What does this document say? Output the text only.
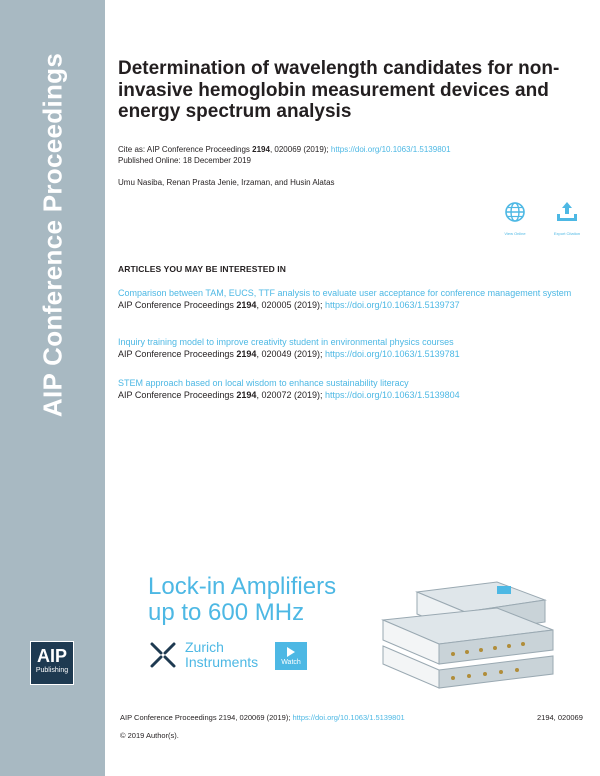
AIP Conference Proceedings
AIP
Publishing
Determination of wavelength candidates for non-invasive hemoglobin measurement devices and energy spectrum analysis
Cite as: AIP Conference Proceedings 2194, 020069 (2019); https://doi.org/10.1063/1.5139801
Published Online: 18 December 2019
Umu Nasiba, Renan Prasta Jenie, Irzaman, and Husin Alatas
View Online	Export Citation
ARTICLES YOU MAY BE INTERESTED IN
Comparison between TAM, EUCS, TTF analysis to evaluate user acceptance for conference management system
AIP Conference Proceedings 2194, 020005 (2019); https://doi.org/10.1063/1.5139737
Inquiry training model to improve creativity student in environmental physics courses
AIP Conference Proceedings 2194, 020049 (2019); https://doi.org/10.1063/1.5139781
STEM approach based on local wisdom to enhance sustainability literacy
AIP Conference Proceedings 2194, 020072 (2019); https://doi.org/10.1063/1.5139804
Lock-in Amplifiers
up to 600 MHz
Zurich
Instruments	Watch
AIP Conference Proceedings 2194, 020069 (2019); https://doi.org/10.1063/1.5139801	2194, 020069
© 2019 Author(s).
